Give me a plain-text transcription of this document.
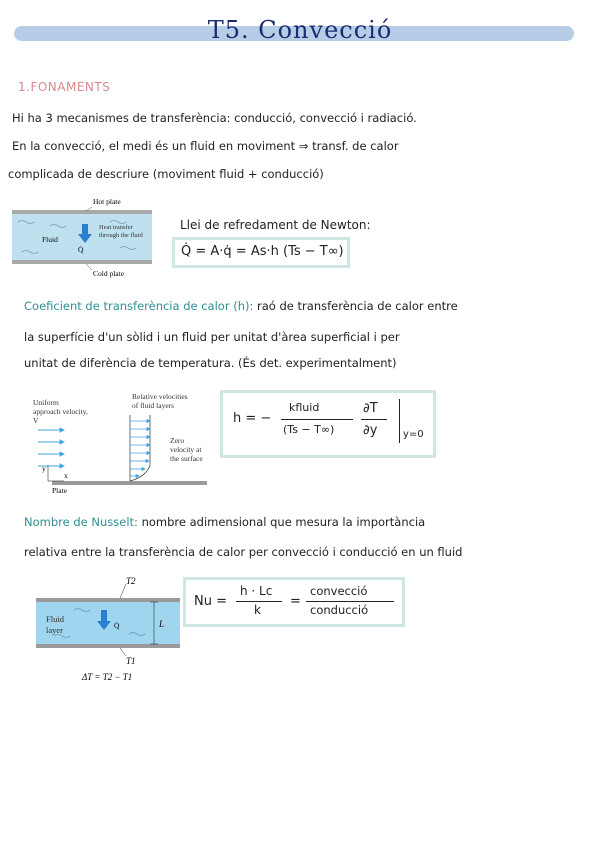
T5. Convecció
1.FONAMENTS
Hi ha 3 mecanismes de transferència: conducció, convecció i radiació.
En la convecció, el medi és un fluid en moviment ⇒ transf. de calor
complicada de descriure (moviment fluid + conducció)
Fluid
Q̇
Hot plate
Cold plate
Heat transfer through the fluid
Llei de refredament de Newton:
Q̇ = A·q̇ = As·h (Ts − T∞)
Coeficient de transferència de calor (h): raó de transferència de calor entre
la superfície d'un sòlid i un fluid per unitat d'àrea superficial i per
unitat de diferència de temperatura. (És det. experimentalment)
y
x
Plate
Uniform approach velocity, V
Relative velocities of fluid layers
Zero velocity at the surface
h = −
kfluid
(Ts − T∞)
∂T
∂y	y=0
Nombre de Nusselt: nombre adimensional que mesura la importància
relativa entre la transferència de calor per convecció i conducció en un fluid
Q̇	L
T2
T1
ΔT = T2 − T1
Fluid layer
Nu =
h · Lc
k
=
convecció
conducció
